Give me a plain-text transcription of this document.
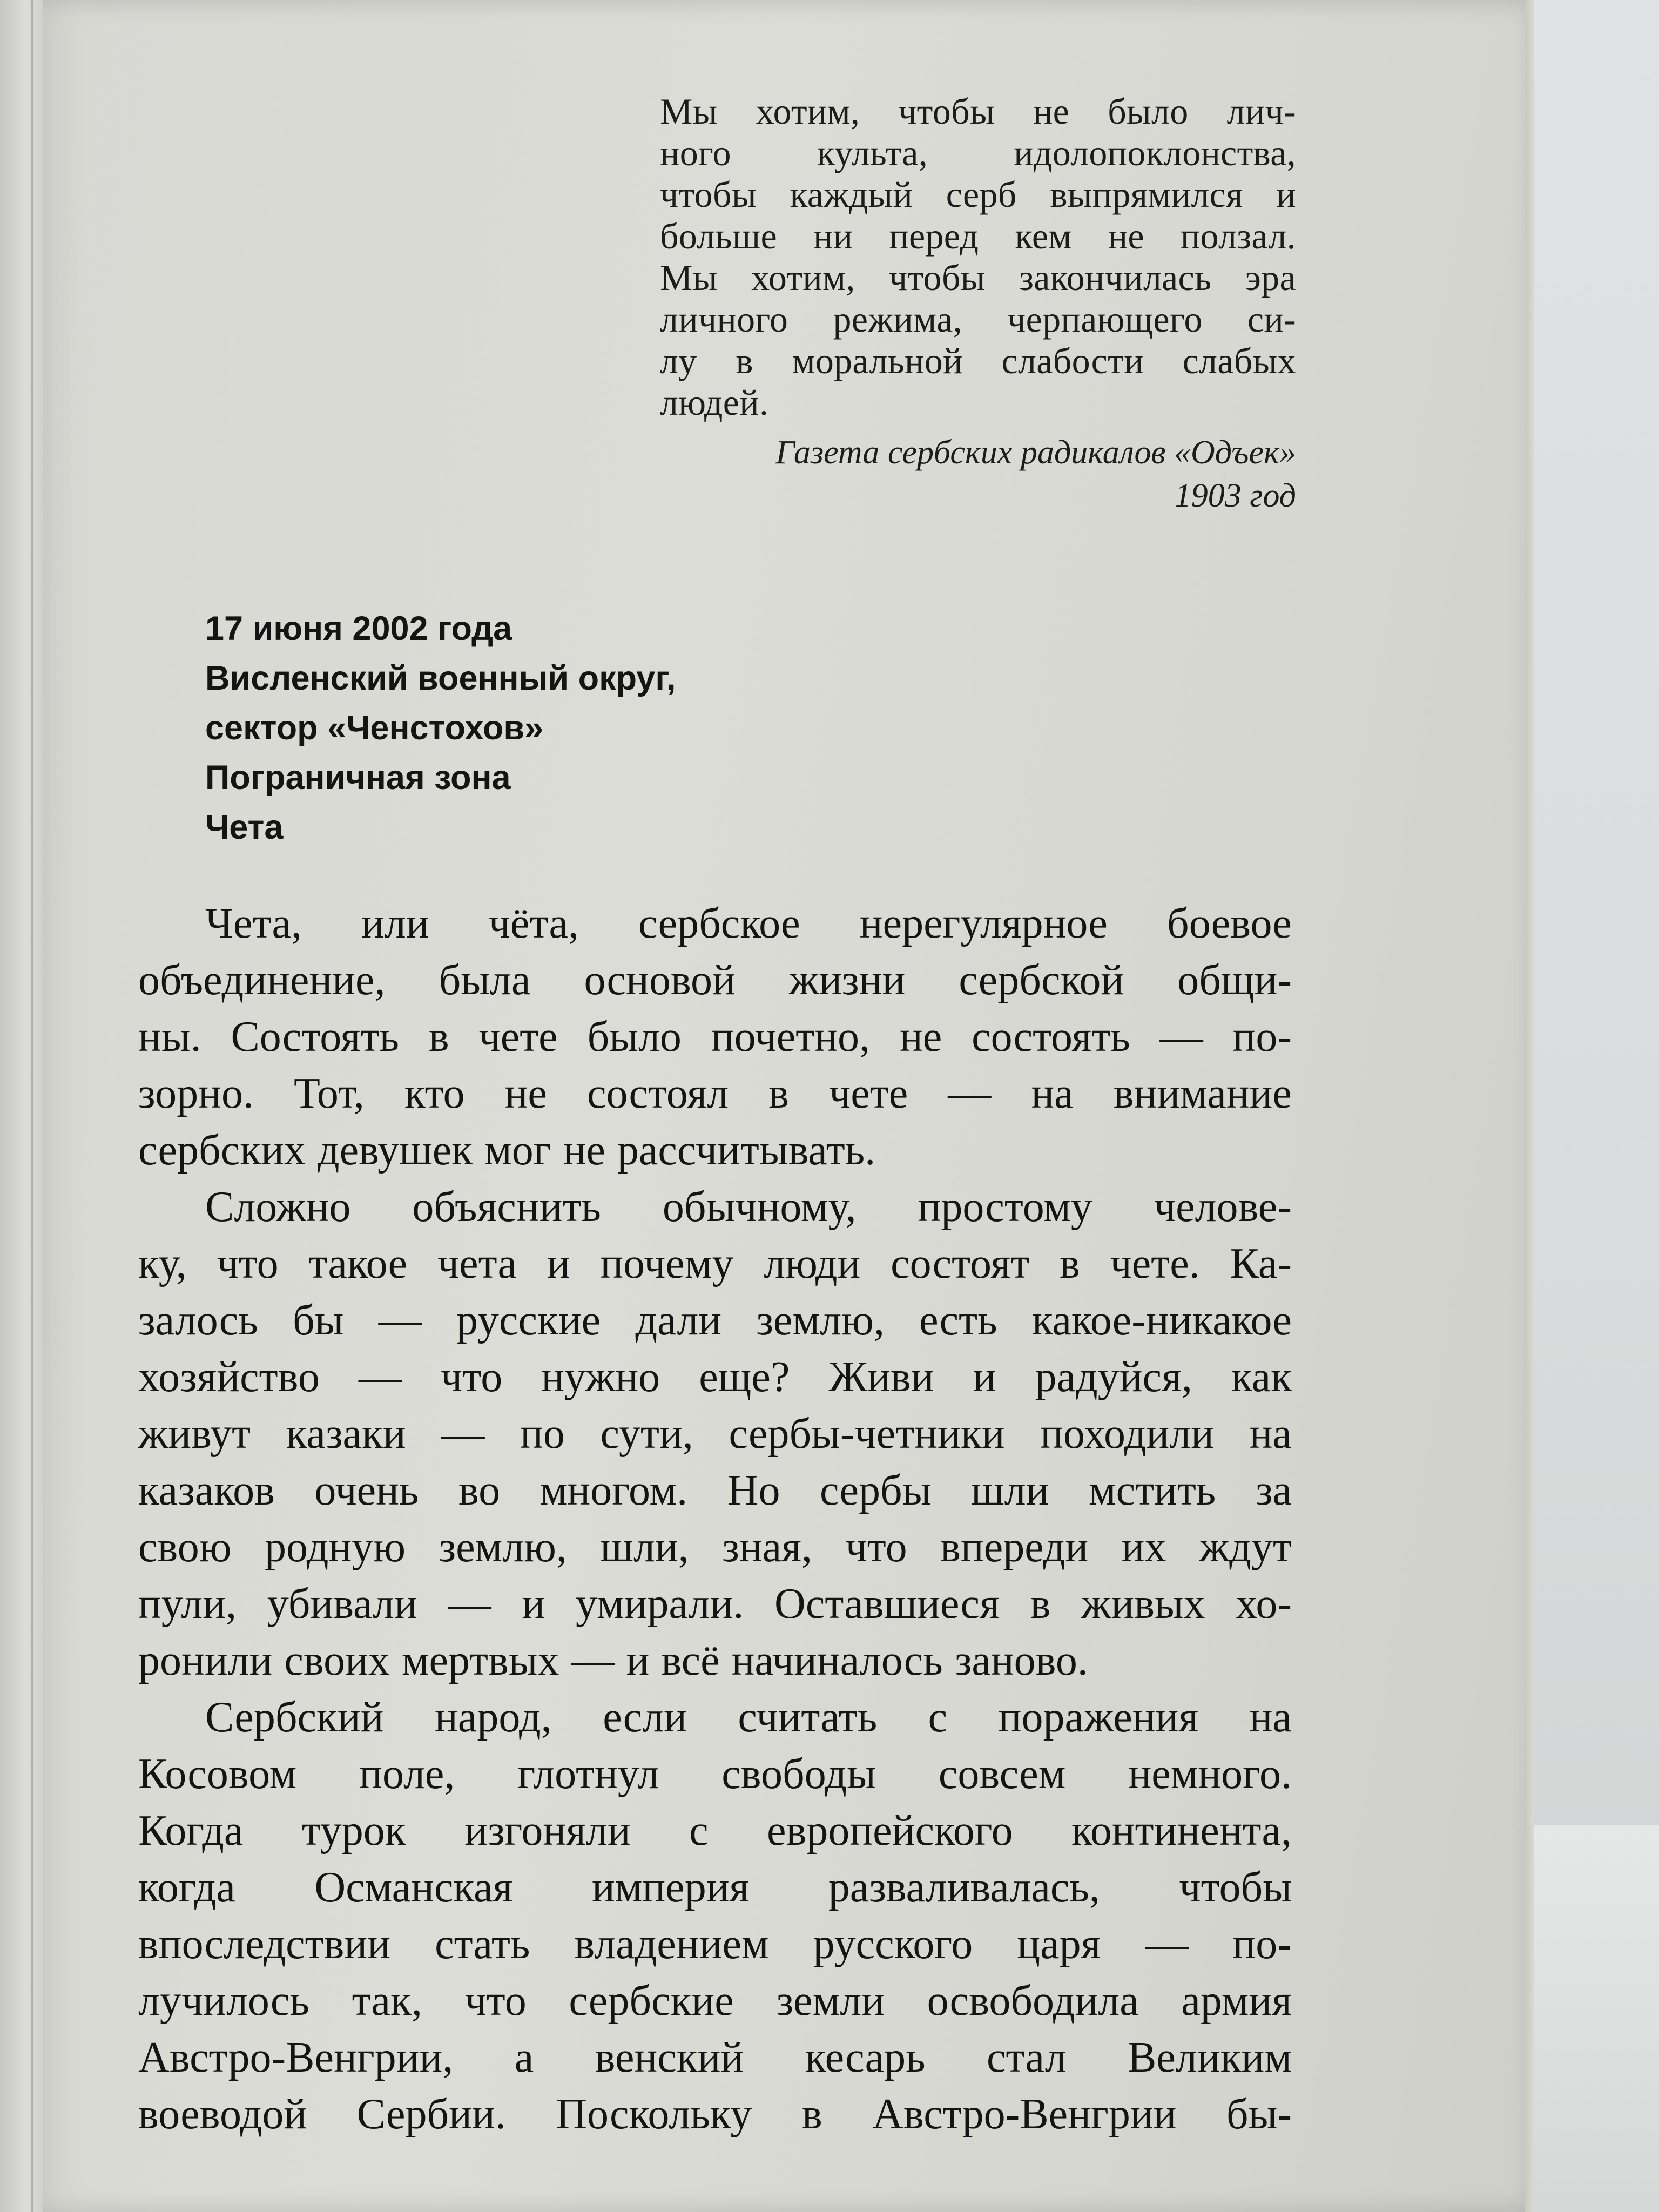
Мы хотим, чтобы не было лич-
ного культа, идолопоклонства,
чтобы каждый серб выпрямился и
больше ни перед кем не ползал.
Мы хотим, чтобы закончилась эра
личного режима, черпающего си-
лу в моральной слабости слабых
людей.
Газета сербских радикалов «Одъек»
1903 год
17 июня 2002 года
Висленский военный округ,
сектор «Ченстохов»
Пограничная зона
Чета
Чета, или чёта, сербское нерегулярное боевое
объединение, была основой жизни сербской общи-
ны. Состоять в чете было почетно, не состоять — по-
зорно. Тот, кто не состоял в чете — на внимание
сербских девушек мог не рассчитывать.
Сложно объяснить обычному, простому челове-
ку, что такое чета и почему люди состоят в чете. Ка-
залось бы — русские дали землю, есть какое-никакое
хозяйство — что нужно еще? Живи и радуйся, как
живут казаки — по сути, сербы-четники походили на
казаков очень во многом. Но сербы шли мстить за
свою родную землю, шли, зная, что впереди их ждут
пули, убивали — и умирали. Оставшиеся в живых хо-
ронили своих мертвых — и всё начиналось заново.
Сербский народ, если считать с поражения на
Косовом поле, глотнул свободы совсем немного.
Когда турок изгоняли с европейского континента,
когда Османская империя разваливалась, чтобы
впоследствии стать владением русского царя — по-
лучилось так, что сербские земли освободила армия
Австро-Венгрии, а венский кесарь стал Великим
воеводой Сербии. Поскольку в Австро-Венгрии бы-
